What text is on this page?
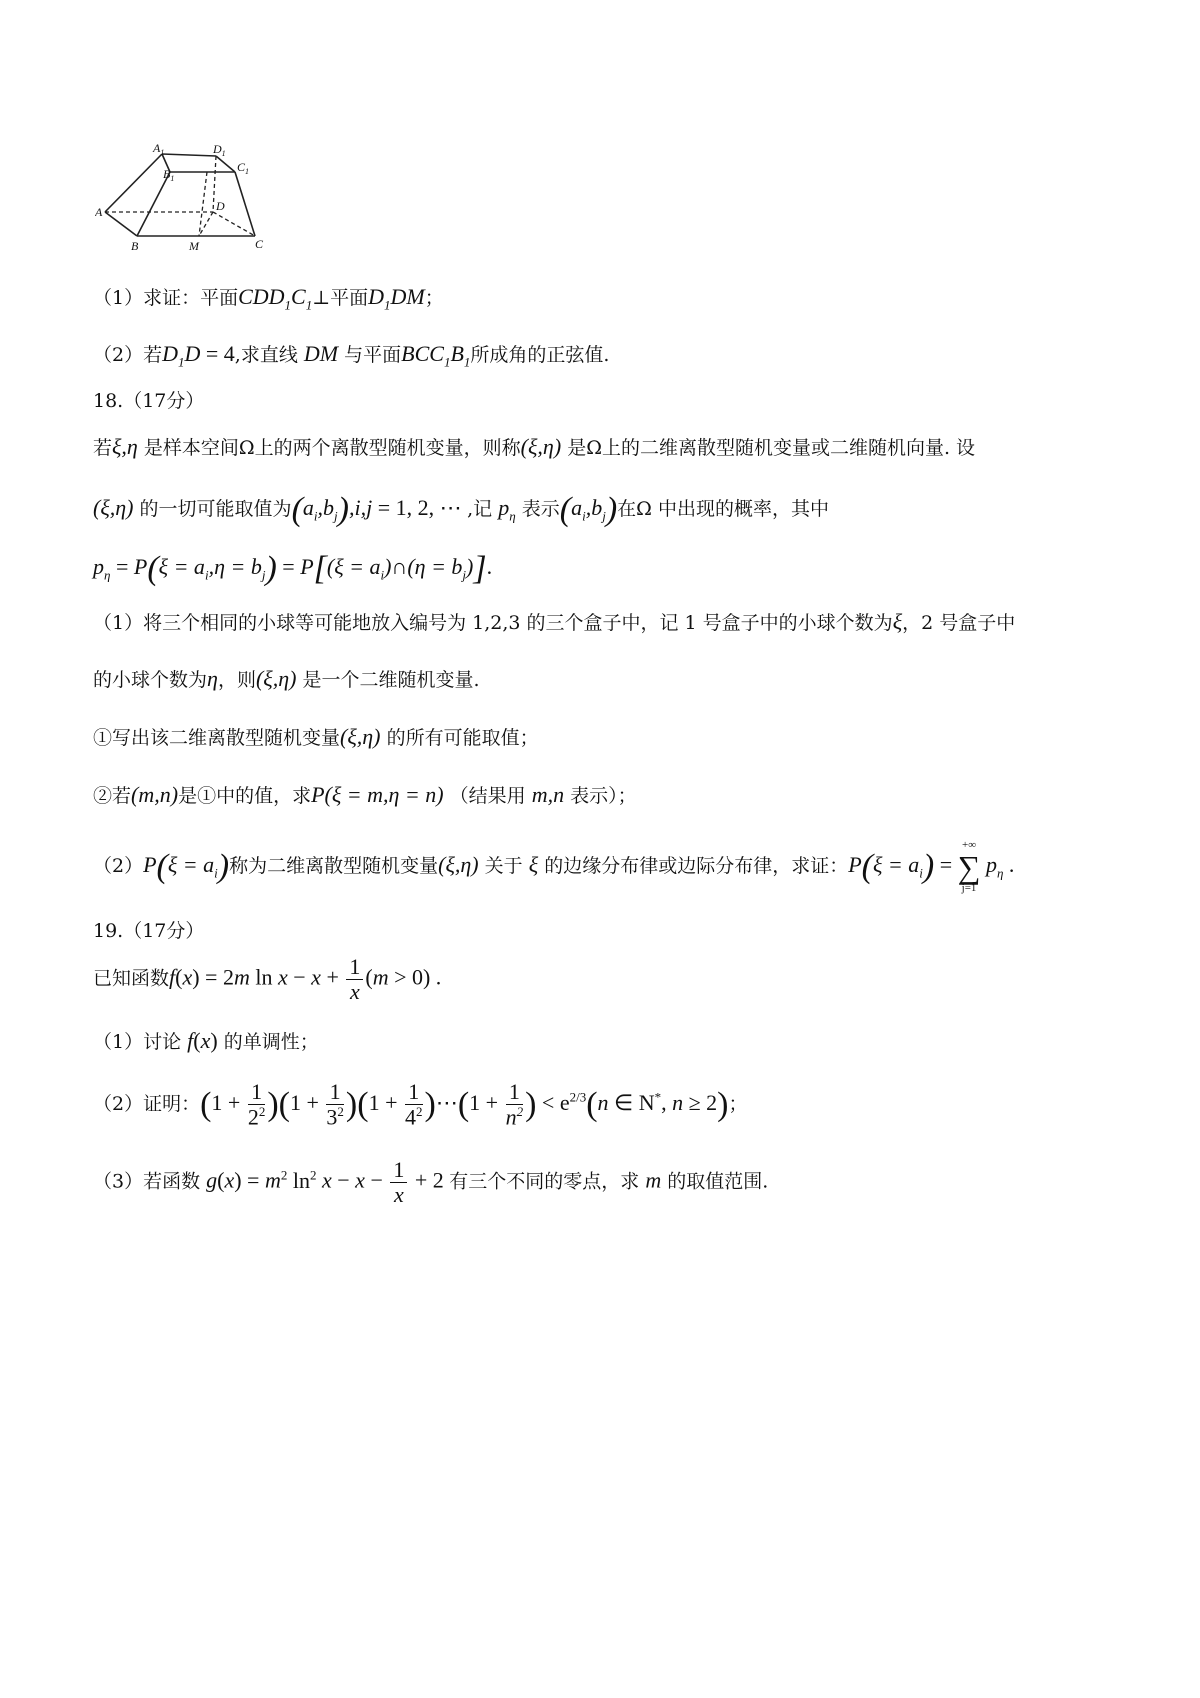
$A_1$	$D_1$
$B_1$
$C_1$
A	D
B	M	C
（1）求证：平面$CDD_1C_1\perp$平面$D_1DM$；
（2）若$D_1D = 4$,求直线 DM 与平面$BCC_1B_1$所成角的正弦值.
18.（17分）
若ξ,η 是样本空间Ω上的两个离散型随机变量，则称(ξ,η) 是Ω上的二维离散型随机变量或二维随机向量. 设
(ξ,η) 的一切可能取值为$(a_i,b_j),i,j = 1$, 2, ⋯ ,记 $p_\eta$ 表示$(a_i,b_j)$在Ω 中出现的概率，其中
$p_\eta = P(\xi = a_i,\eta = b_j) = P[(\xi$ = $a_i)\cap(\eta = b_j)$].
（1）将三个相同的小球等可能地放入编号为 1,2,3 的三个盒子中，记 1 号盒子中的小球个数为ξ，2 号盒子中
的小球个数为η，则(ξ,η) 是一个二维随机变量.
①写出该二维离散型随机变量(ξ,η) 的所有可能取值；
②若(m,n)是①中的值，求P(ξ = m,η = n) （结果用 m,n 表示）；
$(2)P(\xi = a_i)$称为二维离散型随机变量(ξ,η) 关于 ξ 的边缘分布律或边际分布律，求证：$P(\xi = a_i)$ =
+∞
∑
j=1
$p_\eta$ .
19.（17分）
已知函数f(x) = 2m $\ln x - x + \frac{1}{x} (m > 0)$ .
（1）讨论 f(x) 的单调性；
（2）证明：$(1 + \frac{1}{2^2} )(1 + \frac{1}{3^2} )(1 + \frac{1}{4^2}$ )⋯(1 + $\frac{1}{n^2}$ ) < $e^{2/3}(n$ ∈ N*, n ≥ 2)；
（3）若函数 $g(x) = m^2$ $\ln^2 x - x - \frac{1}{x} + 2$ 有三个不同的零点，求 m 的取值范围.
